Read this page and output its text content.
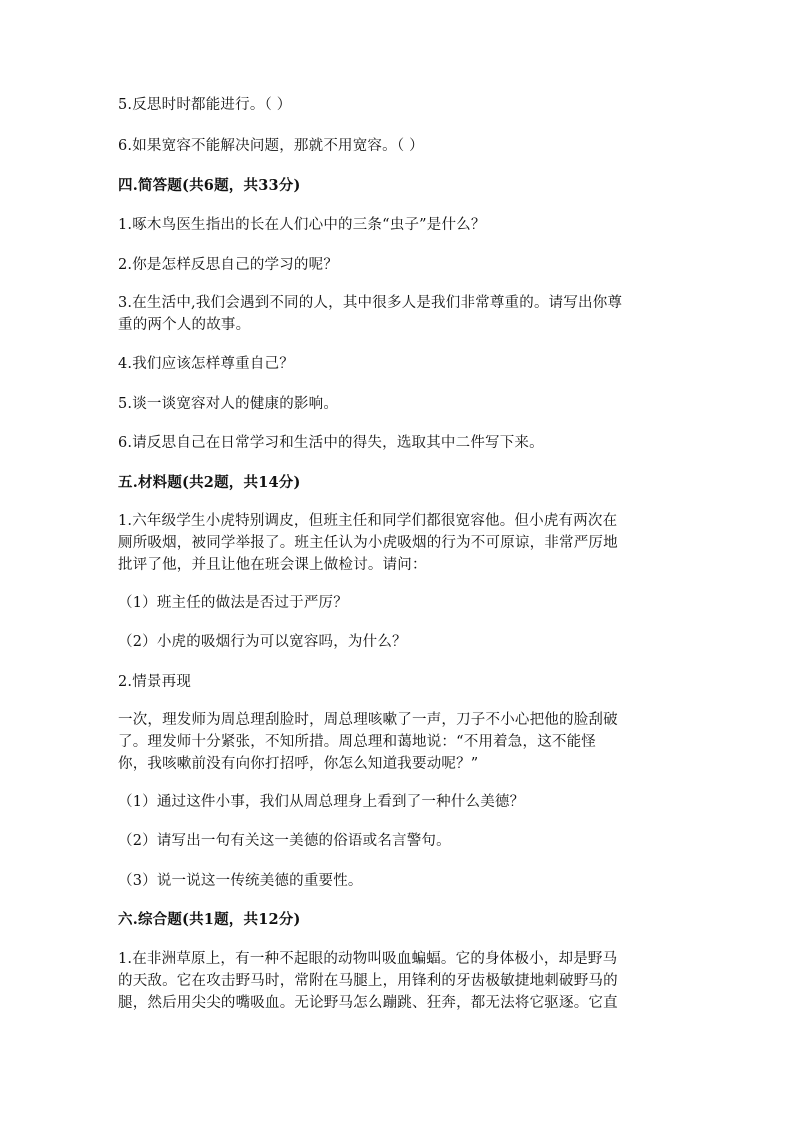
5.反思时时都能进行。（ ）
6.如果宽容不能解决问题，那就不用宽容。（ ）
四.简答题(共6题，共33分)
1.啄木鸟医生指出的长在人们心中的三条“虫子”是什么？
2.你是怎样反思自己的学习的呢？
3.在生活中,我们会遇到不同的人，其中很多人是我们非常尊重的。请写出你尊
重的两个人的故事。
4.我们应该怎样尊重自己？
5.谈一谈宽容对人的健康的影响。
6.请反思自己在日常学习和生活中的得失，选取其中二件写下来。
五.材料题(共2题，共14分)
1.六年级学生小虎特别调皮，但班主任和同学们都很宽容他。但小虎有两次在
厕所吸烟，被同学举报了。班主任认为小虎吸烟的行为不可原谅，非常严厉地
批评了他，并且让他在班会课上做检讨。请问：
（1）班主任的做法是否过于严厉？
（2）小虎的吸烟行为可以宽容吗，为什么？
2.情景再现
一次，理发师为周总理刮脸时，周总理咳嗽了一声，刀子不小心把他的脸刮破
了。理发师十分紧张，不知所措。周总理和蔼地说：“不用着急，这不能怪
你，我咳嗽前没有向你打招呼，你怎么知道我要动呢？”
（1）通过这件小事，我们从周总理身上看到了一种什么美德？
（2）请写出一句有关这一美德的俗语或名言警句。
（3）说一说这一传统美德的重要性。
六.综合题(共1题，共12分)
1.在非洲草原上，有一种不起眼的动物叫吸血蝙蝠。它的身体极小，却是野马
的天敌。它在攻击野马时，常附在马腿上，用锋利的牙齿极敏捷地刺破野马的
腿，然后用尖尖的嘴吸血。无论野马怎么蹦跳、狂奔，都无法将它驱逐。它直
